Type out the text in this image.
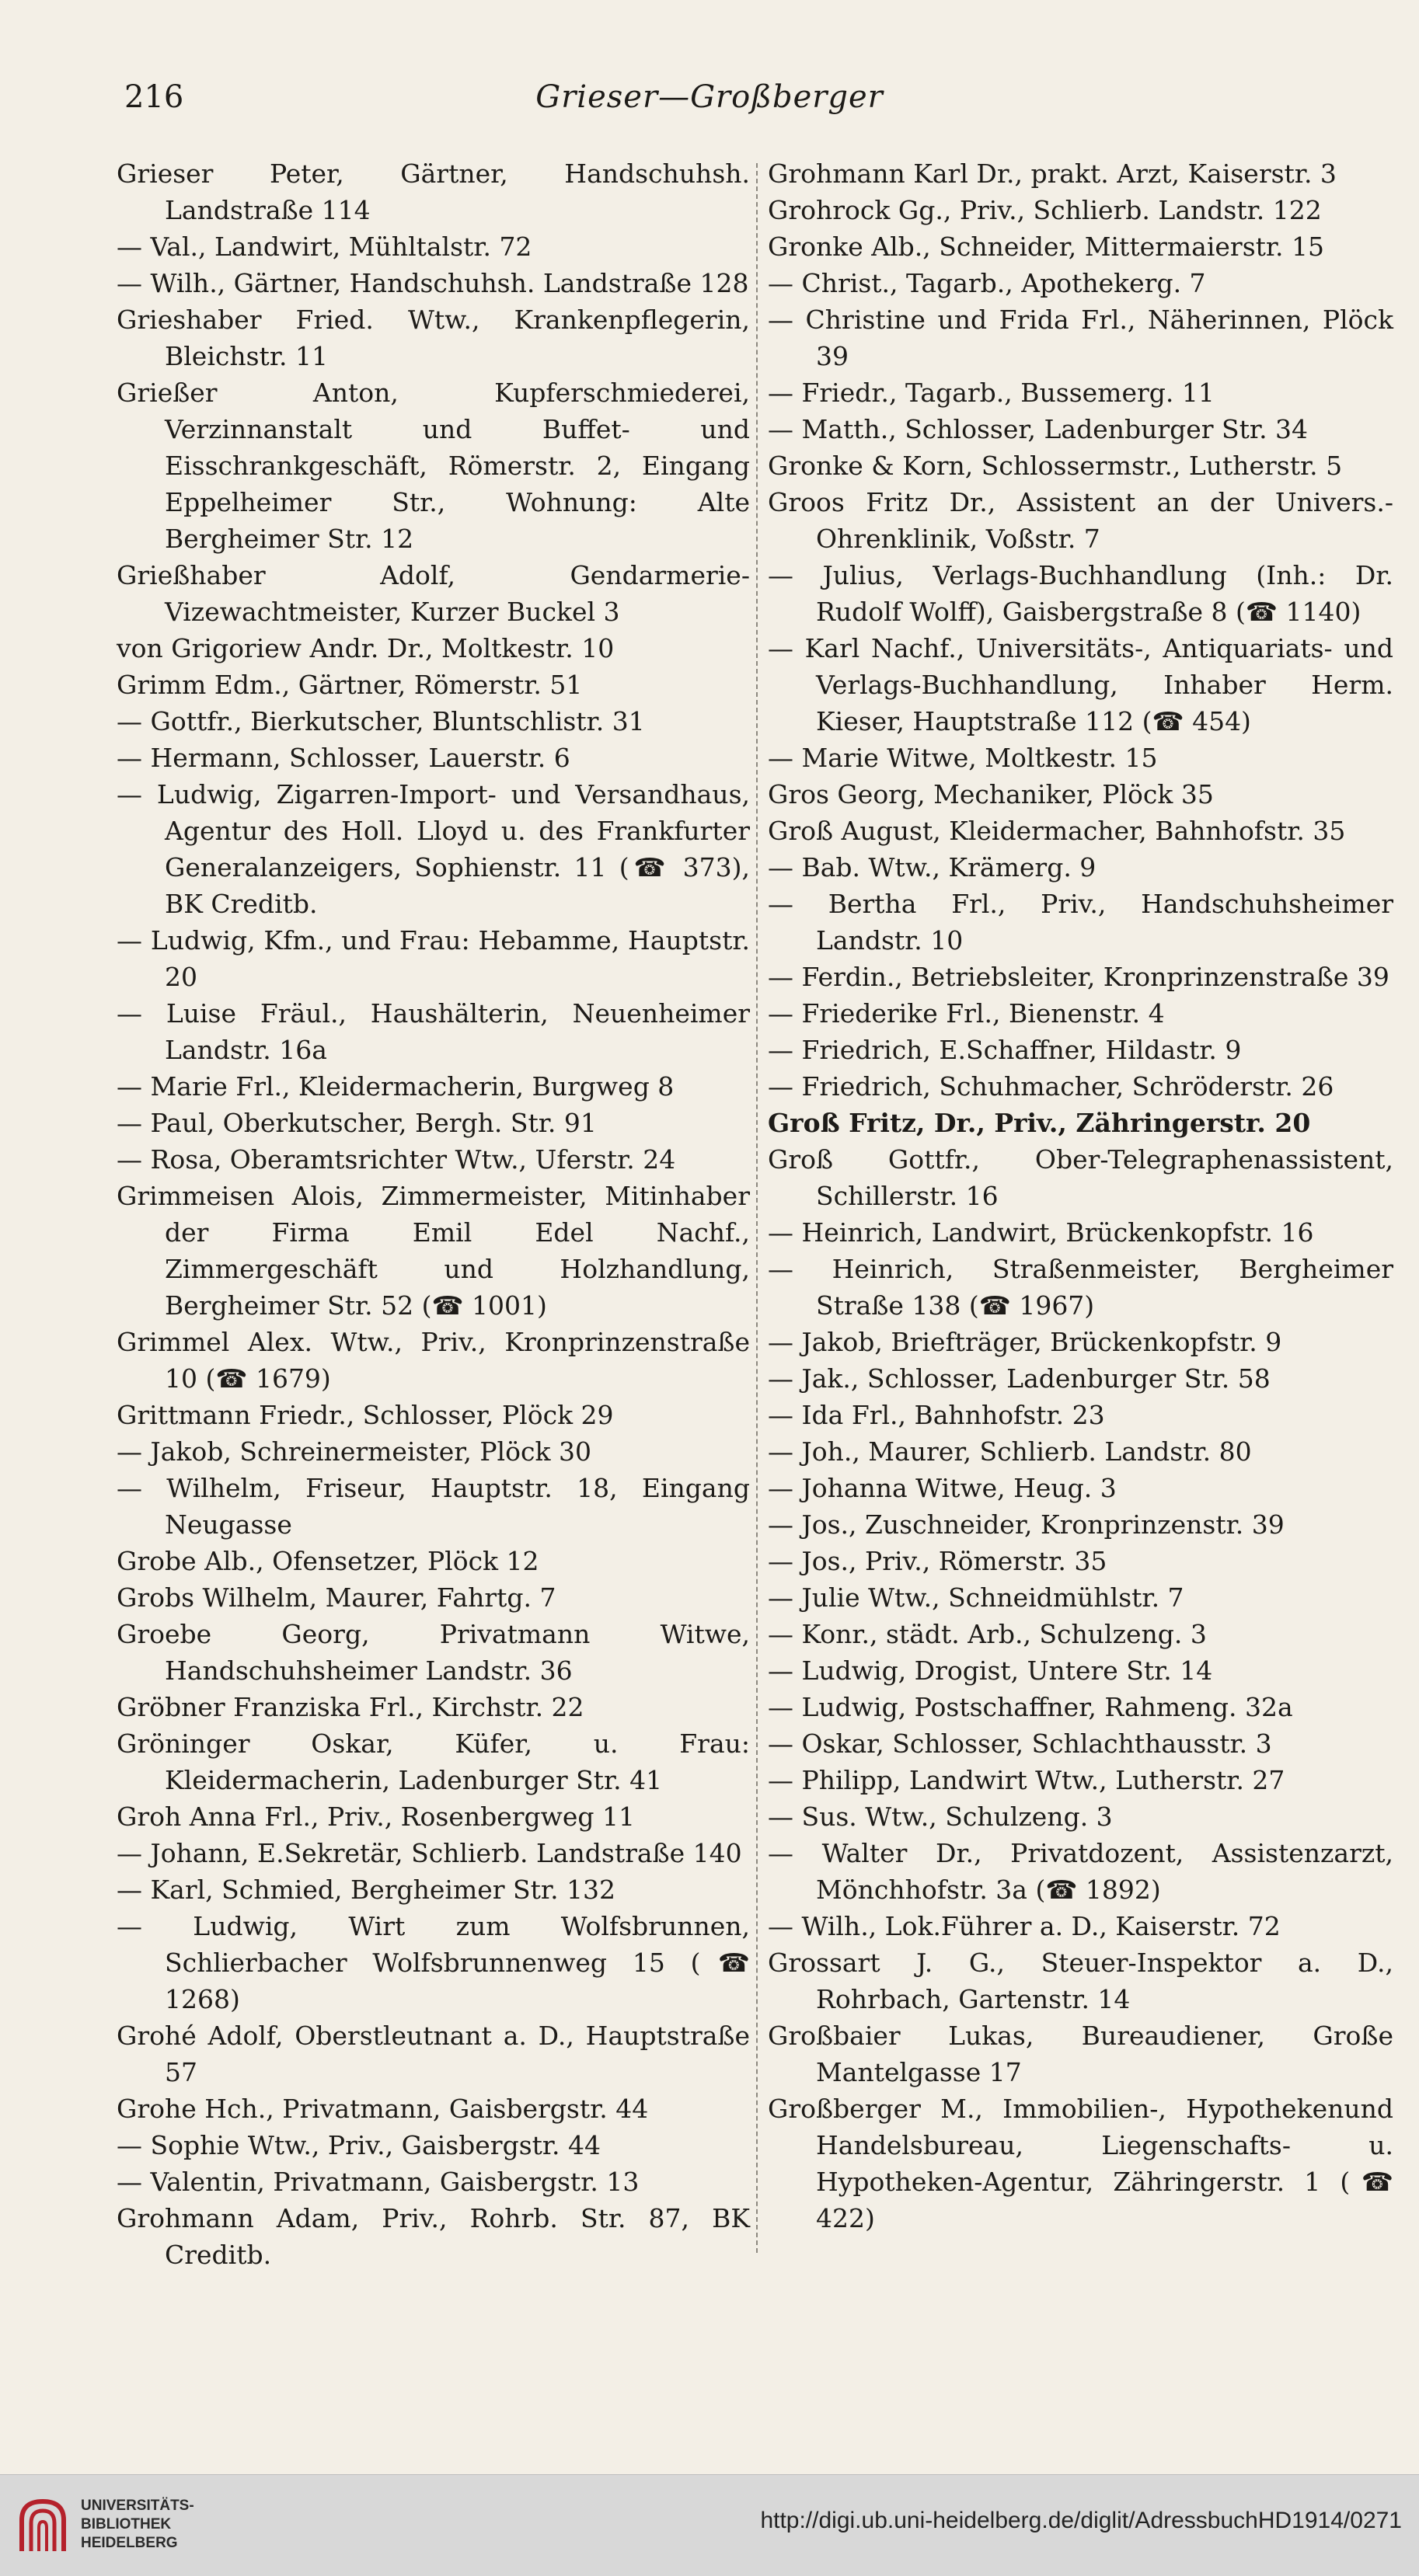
216	Grieser—Großberger

Grieser Peter, Gärtner, Handschuhsh. Landstraße 114

— Val., Landwirt, Mühltalstr. 72

— Wilh., Gärtner, Handschuhsh. Landstraße 128

Grieshaber Fried. Wtw., Krankenpflegerin, Bleichstr. 11

Grießer Anton, Kupferschmiederei, Verzinnanstalt und Buffet- und Eisschrankgeschäft, Römerstr. 2, Eingang Eppelheimer Str., Wohnung: Alte Bergheimer Str. 12

Grießhaber Adolf, Gendarmerie-Vizewachtmeister, Kurzer Buckel 3

von Grigoriew Andr. Dr., Moltkestr. 10

Grimm Edm., Gärtner, Römerstr. 51

— Gottfr., Bierkutscher, Bluntschlistr. 31

— Hermann, Schlosser, Lauerstr. 6

— Ludwig, Zigarren-Import- und Versandhaus, Agentur des Holl. Lloyd u. des Frankfurter Generalanzeigers, Sophienstr. 11 (☎ 373), BK Creditb.

— Ludwig, Kfm., und Frau: Hebamme, Hauptstr. 20

— Luise Fräul., Haushälterin, Neuenheimer Landstr. 16a

— Marie Frl., Kleidermacherin, Burgweg 8

— Paul, Oberkutscher, Bergh. Str. 91

— Rosa, Oberamtsrichter Wtw., Uferstr. 24

Grimmeisen Alois, Zimmermeister, Mitinhaber der Firma Emil Edel Nachf., Zimmergeschäft und Holzhandlung, Bergheimer Str. 52 (☎ 1001)

Grimmel Alex. Wtw., Priv., Kronprinzenstraße 10 (☎ 1679)

Grittmann Friedr., Schlosser, Plöck 29

— Jakob, Schreinermeister, Plöck 30

— Wilhelm, Friseur, Hauptstr. 18, Eingang Neugasse

Grobe Alb., Ofensetzer, Plöck 12

Grobs Wilhelm, Maurer, Fahrtg. 7

Groebe Georg, Privatmann Witwe, Handschuhsheimer Landstr. 36

Gröbner Franziska Frl., Kirchstr. 22

Gröninger Oskar, Küfer, u. Frau: Kleidermacherin, Ladenburger Str. 41

Groh Anna Frl., Priv., Rosenbergweg 11

— Johann, E.Sekretär, Schlierb. Landstraße 140

— Karl, Schmied, Bergheimer Str. 132

— Ludwig, Wirt zum Wolfsbrunnen, Schlierbacher Wolfsbrunnenweg 15 (☎ 1268)

Grohé Adolf, Oberstleutnant a. D., Hauptstraße 57

Grohe Hch., Privatmann, Gaisbergstr. 44

— Sophie Wtw., Priv., Gaisbergstr. 44

— Valentin, Privatmann, Gaisbergstr. 13

Grohmann Adam, Priv., Rohrb. Str. 87, BK Creditb.

Grohmann Karl Dr., prakt. Arzt, Kaiserstr. 3

Grohrock Gg., Priv., Schlierb. Landstr. 122

Gronke Alb., Schneider, Mittermaierstr. 15

— Christ., Tagarb., Apothekerg. 7

— Christine und Frida Frl., Näherinnen, Plöck 39

— Friedr., Tagarb., Bussemerg. 11

— Matth., Schlosser, Ladenburger Str. 34

Gronke & Korn, Schlossermstr., Lutherstr. 5

Groos Fritz Dr., Assistent an der Univers.-Ohrenklinik, Voßstr. 7

— Julius, Verlags-Buchhandlung (Inh.: Dr. Rudolf Wolff), Gaisbergstraße 8 (☎ 1140)

— Karl Nachf., Universitäts-, Antiquariats- und Verlags-Buchhandlung, Inhaber Herm. Kieser, Hauptstraße 112 (☎ 454)

— Marie Witwe, Moltkestr. 15

Gros Georg, Mechaniker, Plöck 35

Groß August, Kleidermacher, Bahnhofstr. 35

— Bab. Wtw., Krämerg. 9

— Bertha Frl., Priv., Handschuhsheimer Landstr. 10

— Ferdin., Betriebsleiter, Kronprinzenstraße 39

— Friederike Frl., Bienenstr. 4

— Friedrich, E.Schaffner, Hildastr. 9

— Friedrich, Schuhmacher, Schröderstr. 26

Groß Fritz, Dr., Priv., Zähringerstr. 20

Groß Gottfr., Ober-Telegraphenassistent, Schillerstr. 16

— Heinrich, Landwirt, Brückenkopfstr. 16

— Heinrich, Straßenmeister, Bergheimer Straße 138 (☎ 1967)

— Jakob, Briefträger, Brückenkopfstr. 9

— Jak., Schlosser, Ladenburger Str. 58

— Ida Frl., Bahnhofstr. 23

— Joh., Maurer, Schlierb. Landstr. 80

— Johanna Witwe, Heug. 3

— Jos., Zuschneider, Kronprinzenstr. 39

— Jos., Priv., Römerstr. 35

— Julie Wtw., Schneidmühlstr. 7

— Konr., städt. Arb., Schulzeng. 3

— Ludwig, Drogist, Untere Str. 14

— Ludwig, Postschaffner, Rahmeng. 32a

— Oskar, Schlosser, Schlachthausstr. 3

— Philipp, Landwirt Wtw., Lutherstr. 27

— Sus. Wtw., Schulzeng. 3

— Walter Dr., Privatdozent, Assistenzarzt, Mönchhofstr. 3a (☎ 1892)

— Wilh., Lok.Führer a. D., Kaiserstr. 72

Grossart J. G., Steuer-Inspektor a. D., Rohrbach, Gartenstr. 14

Großbaier Lukas, Bureaudiener, Große Mantelgasse 17

Großberger M., Immobilien-, Hypothekenund Handelsbureau, Liegenschafts- u. Hypotheken-Agentur, Zähringerstr. 1 (☎ 422)

UNIVERSITÄTS-
BIBLIOTHEK
HEIDELBERG
http://digi.ub.uni-heidelberg.de/diglit/AdressbuchHD1914/0271
